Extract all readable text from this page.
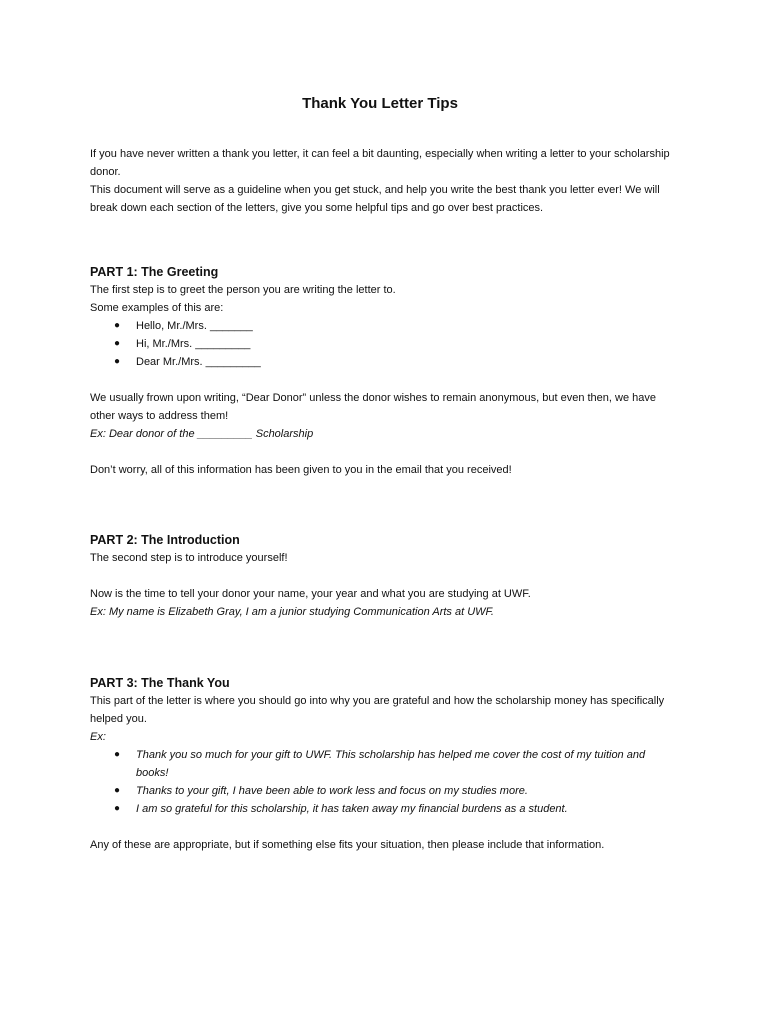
Thank You Letter Tips

If you have never written a thank you letter, it can feel a bit daunting, especially when writing a letter to your scholarship donor.

This document will serve as a guideline when you get stuck, and help you write the best thank you letter ever! We will break down each section of the letters, give you some helpful tips and go over best practices.

PART 1: The Greeting

The first step is to greet the person you are writing the letter to.

Some examples of this are:

● Hello, Mr./Mrs. _______
● Hi, Mr./Mrs. _________
● Dear Mr./Mrs. _________

We usually frown upon writing, “Dear Donor” unless the donor wishes to remain anonymous, but even then, we have other ways to address them!

Ex: Dear donor of the _________ Scholarship

Don’t worry, all of this information has been given to you in the email that you received!

PART 2: The Introduction

The second step is to introduce yourself!

Now is the time to tell your donor your name, your year and what you are studying at UWF.

Ex: My name is Elizabeth Gray, I am a junior studying Communication Arts at UWF.

PART 3: The Thank You

This part of the letter is where you should go into why you are grateful and how the scholarship money has specifically helped you.

Ex:

● Thank you so much for your gift to UWF. This scholarship has helped me cover the cost of my tuition and books!
● Thanks to your gift, I have been able to work less and focus on my studies more.
● I am so grateful for this scholarship, it has taken away my financial burdens as a student.

Any of these are appropriate, but if something else fits your situation, then please include that information.
